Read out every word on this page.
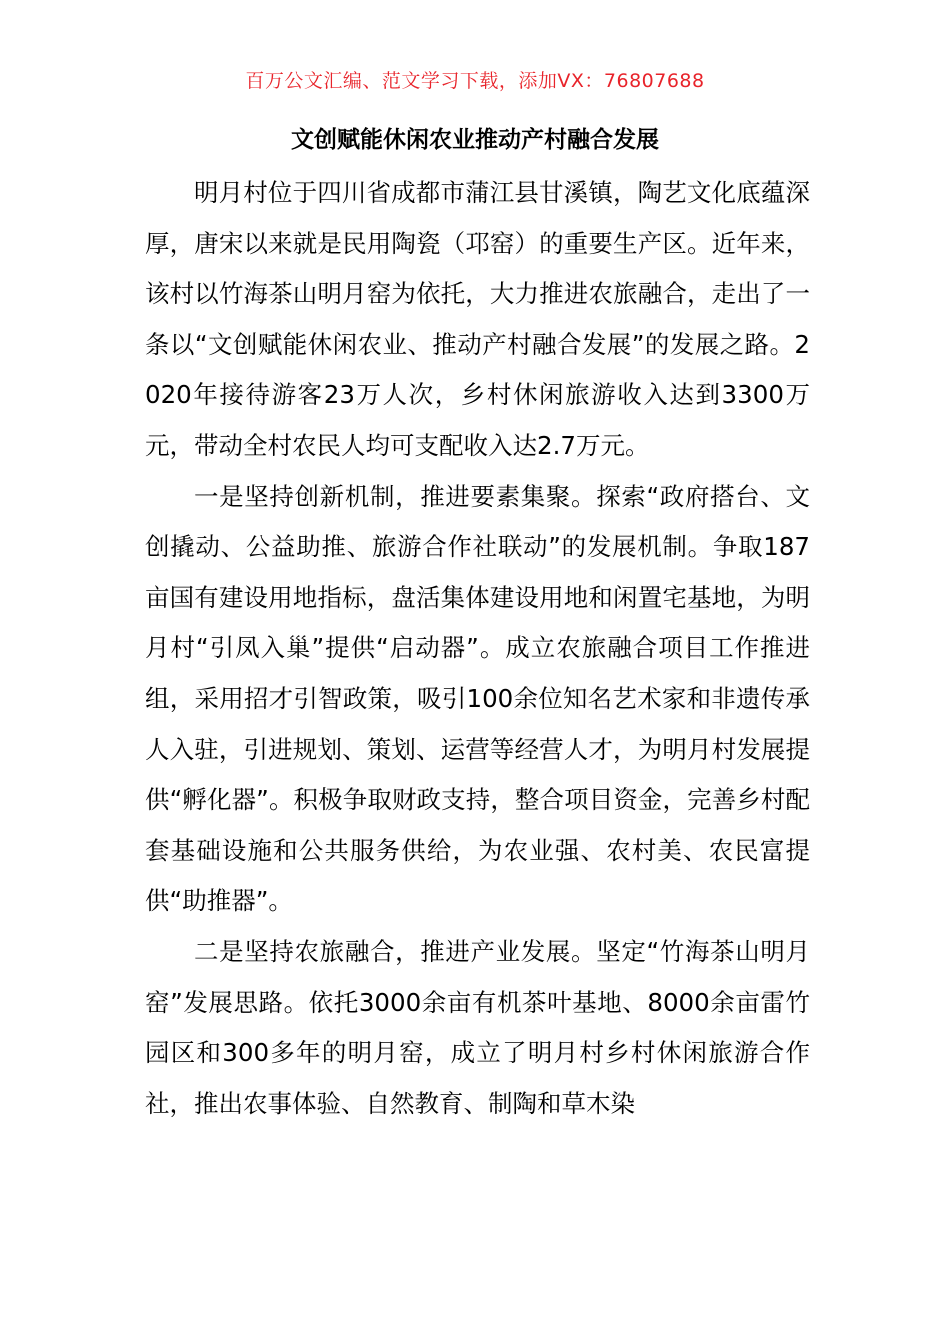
百万公文汇编、范文学习下载，添加VX：76807688
文创赋能休闲农业推动产村融合发展

明月村位于四川省成都市蒲江县甘溪镇，陶艺文化底蕴深厚，唐宋以来就是民用陶瓷（邛窑）的重要生产区。近年来，该村以竹海茶山明月窑为依托，大力推进农旅融合，走出了一条以“文创赋能休闲农业、推动产村融合发展”的发展之路。2020年接待游客23万人次，乡村休闲旅游收入达到3300万元，带动全村农民人均可支配收入达2.7万元。

一是坚持创新机制，推进要素集聚。探索“政府搭台、文创撬动、公益助推、旅游合作社联动”的发展机制。争取187亩国有建设用地指标，盘活集体建设用地和闲置宅基地，为明月村“引凤入巢”提供“启动器”。成立农旅融合项目工作推进组，采用招才引智政策，吸引100余位知名艺术家和非遗传承人入驻，引进规划、策划、运营等经营人才，为明月村发展提供“孵化器”。积极争取财政支持，整合项目资金，完善乡村配套基础设施和公共服务供给，为农业强、农村美、农民富提供“助推器”。

二是坚持农旅融合，推进产业发展。坚定“竹海茶山明月窑”发展思路。依托3000余亩有机茶叶基地、8000余亩雷竹园区和300多年的明月窑，成立了明月村乡村休闲旅游合作社，推出农事体验、自然教育、制陶和草木染
